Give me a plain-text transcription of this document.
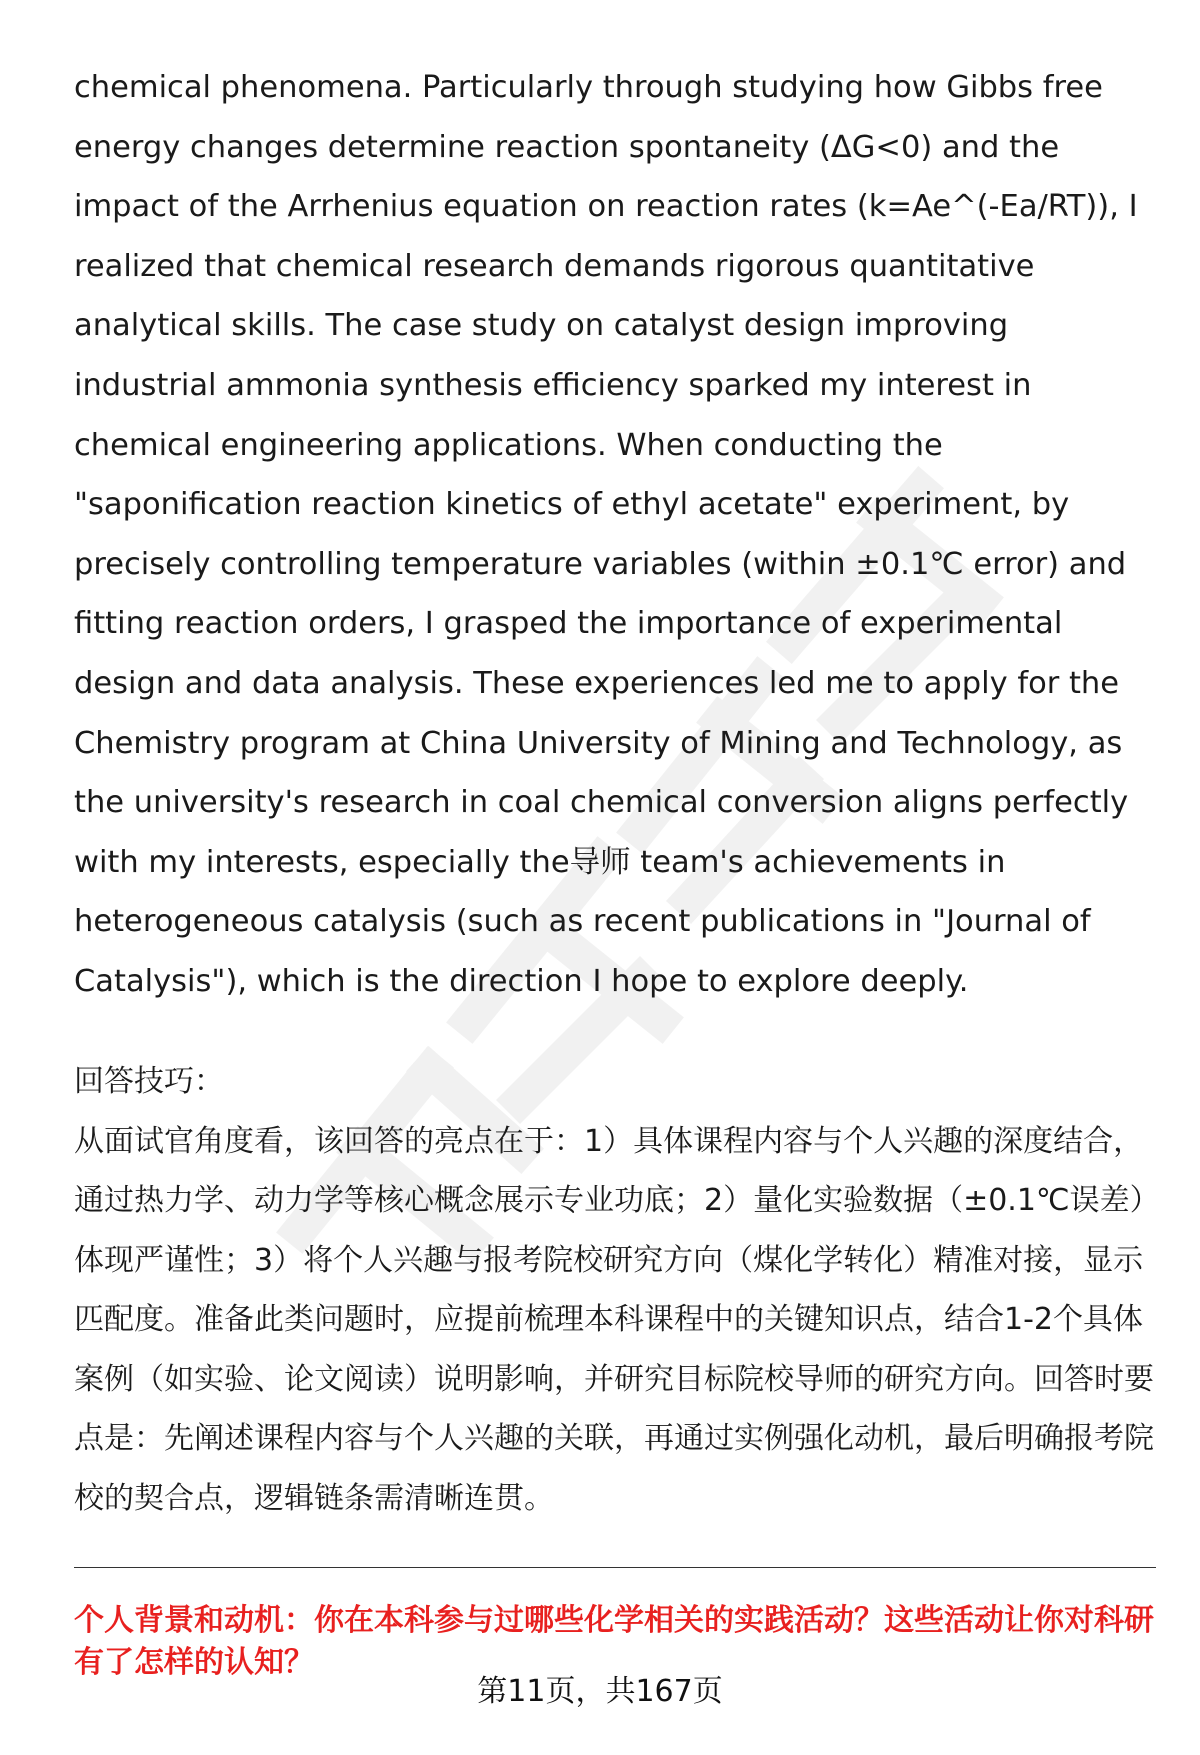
chemical phenomena. Particularly through studying how Gibbs free energy changes determine reaction spontaneity (ΔG<0) and the impact of the Arrhenius equation on reaction rates (k=Ae^(-Ea/RT)), I realized that chemical research demands rigorous quantitative analytical skills. The case study on catalyst design improving industrial ammonia synthesis efficiency sparked my interest in chemical engineering applications. When conducting the "saponification reaction kinetics of ethyl acetate" experiment, by precisely controlling temperature variables (within ±0.1℃ error) and fitting reaction orders, I grasped the importance of experimental design and data analysis. These experiences led me to apply for the Chemistry program at China University of Mining and Technology, as the university's research in coal chemical conversion aligns perfectly with my interests, especially the导师 team's achievements in heterogeneous catalysis (such as recent publications in "Journal of Catalysis"), which is the direction I hope to explore deeply.

回答技巧：

从面试官角度看，该回答的亮点在于：1）具体课程内容与个人兴趣的深度结合，通过热力学、动力学等核心概念展示专业功底；2）量化实验数据（±0.1℃误差）体现严谨性；3）将个人兴趣与报考院校研究方向（煤化学转化）精准对接，显示匹配度。准备此类问题时，应提前梳理本科课程中的关键知识点，结合1-2个具体案例（如实验、论文阅读）说明影响，并研究目标院校导师的研究方向。回答时要点是：先阐述课程内容与个人兴趣的关联，再通过实例强化动机，最后明确报考院校的契合点，逻辑链条需清晰连贯。

个人背景和动机：你在本科参与过哪些化学相关的实践活动？这些活动让你对科研有了怎样的认知？
第11页，共167页
